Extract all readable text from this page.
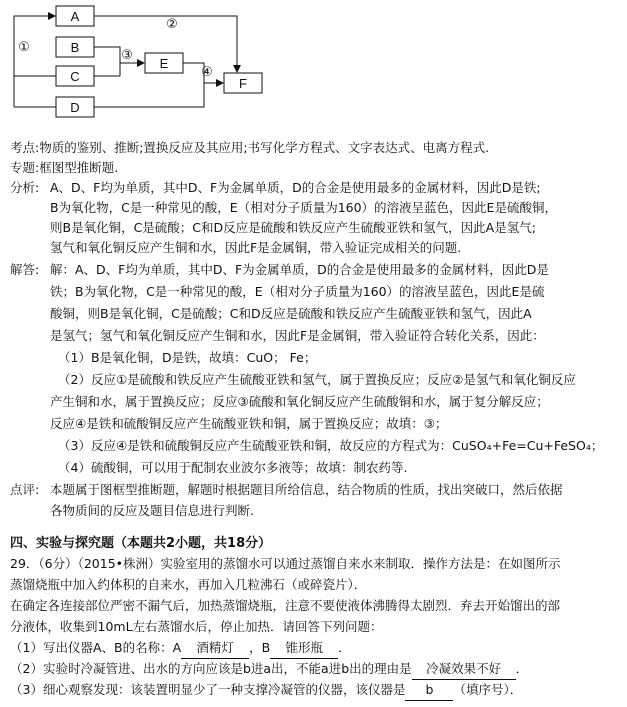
A
B
C
D
E
F
①
②
③
④
考点:物质的鉴别、推断;置换反应及其应用;书写化学方程式、文字表达式、电离方程式.
专题:框图型推断题.
分析: A、D、F均为单质，其中D、F为金属单质，D的合金是使用最多的金属材料，因此D是铁;
B为氧化物，C是一种常见的酸，E（相对分子质量为160）的溶液呈蓝色，因此E是硫酸铜，
则B是氧化铜，C是硫酸；C和D反应是硫酸和铁反应产生硫酸亚铁和氢气，因此A是氢气;
氢气和氧化铜反应产生铜和水，因此F是金属铜，带入验证完成相关的问题.
解答: 解：A、D、F均为单质，其中D、F为金属单质，D的合金是使用最多的金属材料，因此D是
铁；B为氧化物，C是一种常见的酸，E（相对分子质量为160）的溶液呈蓝色，因此E是硫
酸铜，则B是氧化铜，C是硫酸；C和D反应是硫酸和铁反应产生硫酸亚铁和氢气，因此A
是氢气；氢气和氧化铜反应产生铜和水，因此F是金属铜，带入验证符合转化关系，因此：
（1）B是氧化铜，D是铁，故填：CuO； Fe；
（2）反应①是硫酸和铁反应产生硫酸亚铁和氢气，属于置换反应；反应②是氢气和氧化铜反应
产生铜和水，属于置换反应；反应③硫酸和氧化铜反应产生硫酸铜和水，属于复分解反应；
反应④是铁和硫酸铜反应产生硫酸亚铁和铜，属于置换反应；故填：③；
（3）反应④是铁和硫酸铜反应产生硫酸亚铁和铜，故反应的方程式为：CuSO₄+Fe=Cu+FeSO₄；
（4）硫酸铜，可以用于配制农业波尔多液等；故填：制农药等.
点评: 本题属于图框型推断题，解题时根据题目所给信息，结合物质的性质，找出突破口，然后依据
各物质间的反应及题目信息进行判断.
四、实验与探究题（本题共2小题，共18分）
29．（6分）（2015•株洲）实验室用的蒸馏水可以通过蒸馏自来水来制取．操作方法是：在如图所示
蒸馏烧瓶中加入约体积的自来水，再加入几粒沸石（或碎瓷片）．
在确定各连接部位严密不漏气后，加热蒸馏烧瓶，注意不要使液体沸腾得太剧烈．弃去开始馏出的部
分液体，收集到10mL左右蒸馏水后，停止加热．请回答下列问题：
（1）写出仪器A、B的名称：A 酒精灯 ，B 锥形瓶 ．
（2）实验时冷凝管进、出水的方向应该是b进a出，不能a进b出的理由是 冷凝效果不好 ．
（3）细心观察发现：该装置明显少了一种支撑冷凝管的仪器，该仪器是 b （填序号）．
